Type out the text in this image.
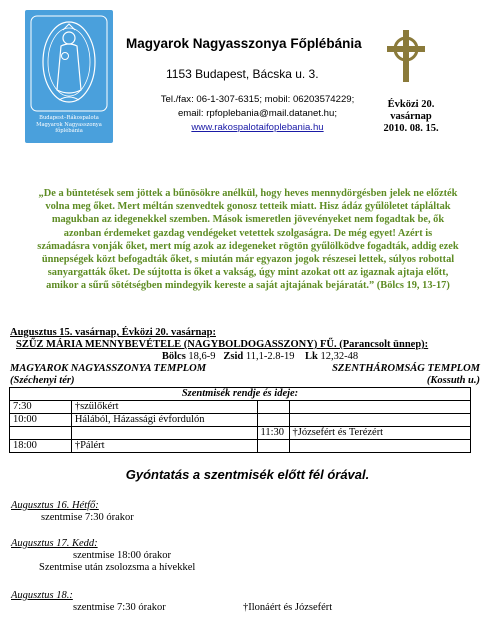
Budapest–Rákospalota
Magyarok Nagyasszonya
főplébánia
Magyarok Nagyasszonya Főplébánia
1153 Budapest, Bácska u. 3.
Tel./fax: 06-1-307-6315; mobil: 06203574229;
email: rpfoplebania@mail.datanet.hu;
www.rakospalotaifoplebania.hu
Évközi 20.
vasárnap
2010. 08. 15.
„De a büntetések sem jöttek a bűnösökre anélkül, hogy heves mennydörgésben jelek ne előzték
volna meg őket. Mert méltán szenvedtek gonosz tetteik miatt. Hisz ádáz gyűlöletet tápláltak
magukban az idegenekkel szemben. Mások ismeretlen jövevényeket nem fogadtak be, ők
azonban érdemeket gazdag vendégeket vetettek szolgaságra. De még egyet! Azért is
számadásra vonják őket, mert míg azok az idegeneket rögtön gyűlölködve fogadták, addig ezek
ünnepségek közt befogadták őket, s miután már egyazon jogok részesei lettek, súlyos robottal
sanyargatták őket. De sújtotta is őket a vakság, úgy mint azokat ott az igaznak ajtaja előtt,
amikor a sűrű sötétségben mindegyik kereste a saját ajtajának bejáratát.” (Bölcs 19, 13-17)
Augusztus 15. vasárnap, Évközi 20. vasárnap:
SZŰZ MÁRIA MENNYBEVÉTELE (NAGYBOLDOGASSZONY) FŰ. (Parancsolt ünnep):
Bölcs 18,6-9 Zsid 11,1-2.8-19 Lk 12,32-48
MAGYAROK NAGYASSZONYA TEMPLOM	SZENTHÁROMSÁG TEMPLOM
(Széchenyi tér)	(Kossuth u.)
Szentmisék rendje és ideje:			
7:30	†szülőkért		
10:00	Hálából, Házassági évfordulón		
		11:30	†Józsefért és Terézért
18:00	†Pálért		
Gyóntatás a szentmisék előtt fél órával.
Augusztus 16. Hétfő:
szentmise 7:30 órakor
Augusztus 17. Kedd:
szentmise 18:00 órakor
Szentmise után zsolozsma a hívekkel
Augusztus 18.:
szentmise 7:30 órakor	†Ilonáért és Józsefért
